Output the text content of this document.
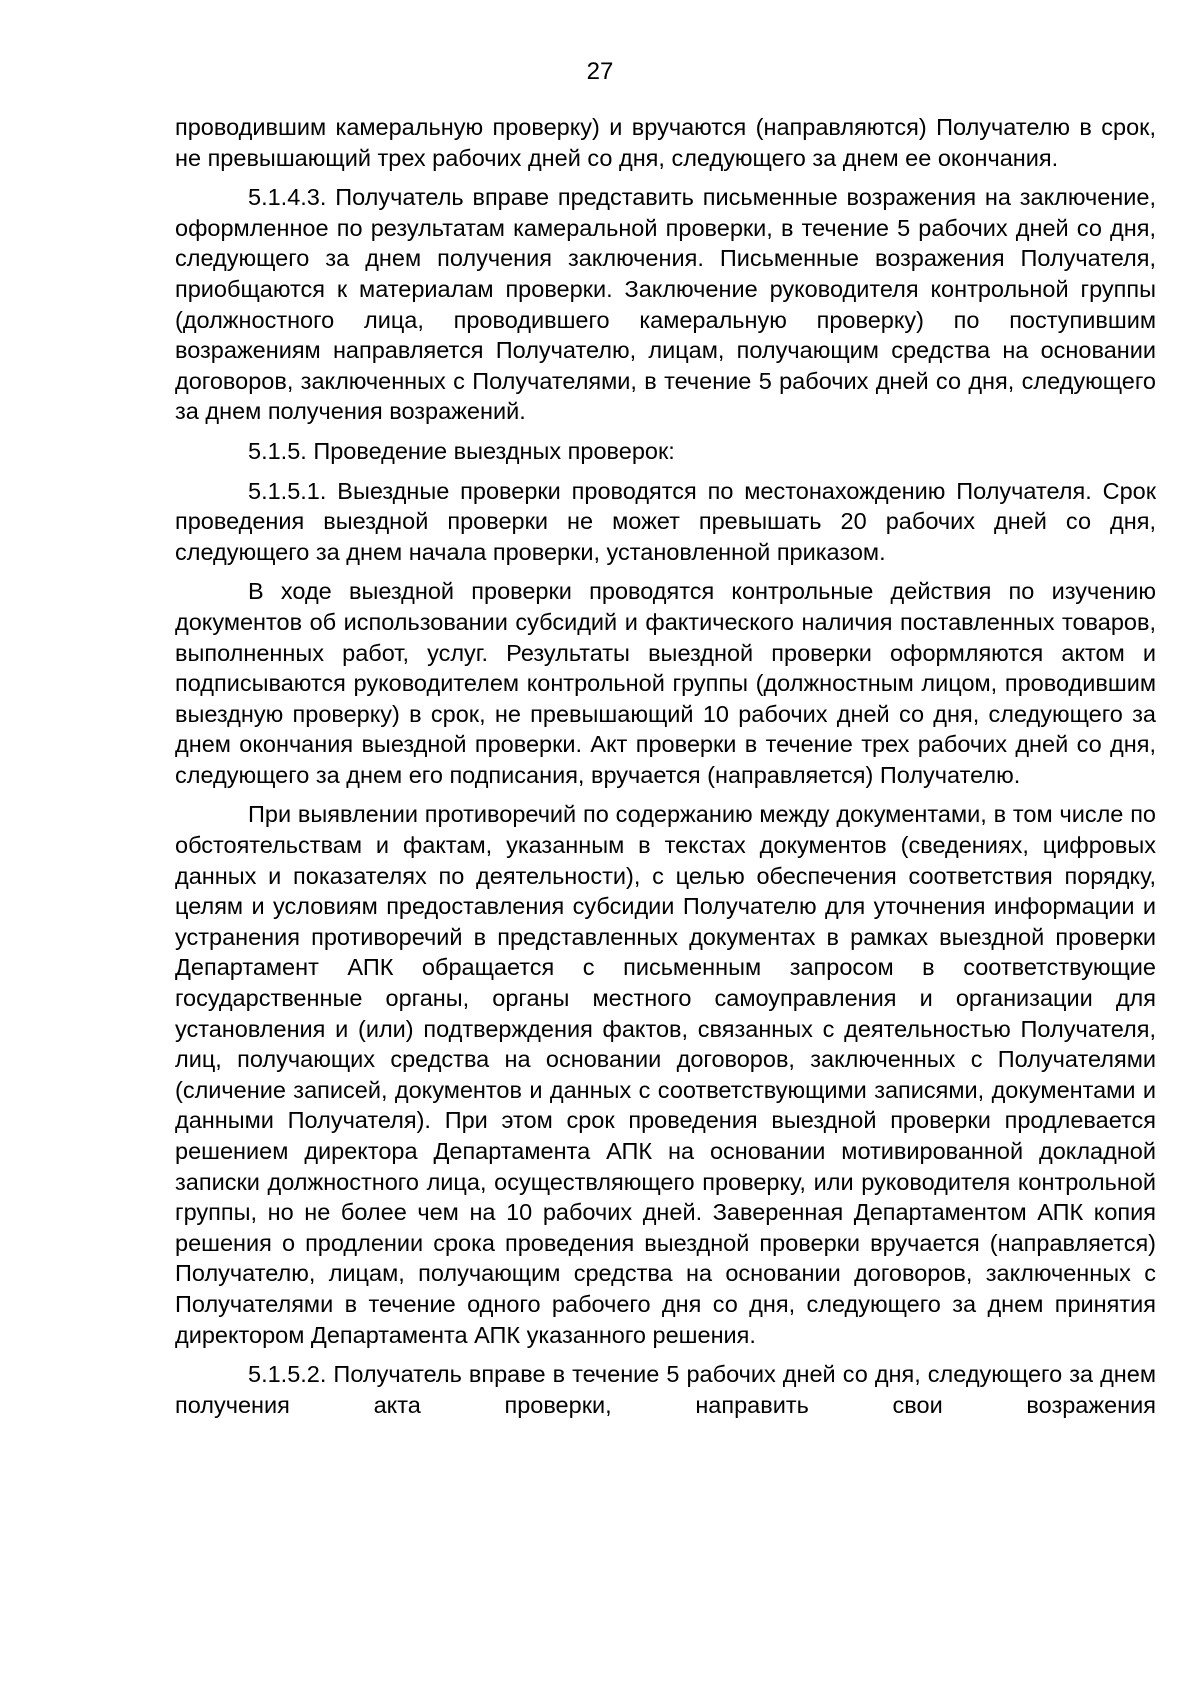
27

проводившим камеральную проверку) и вручаются (направляются) Получателю в срок, не превышающий трех рабочих дней со дня, следующего за днем ее окончания.

5.1.4.3. Получатель вправе представить письменные возражения на заключение, оформленное по результатам камеральной проверки, в течение 5 рабочих дней со дня, следующего за днем получения заключения. Письменные возражения Получателя, приобщаются к материалам проверки. Заключение руководителя контрольной группы (должностного лица, проводившего камеральную проверку) по поступившим возражениям направляется Получателю, лицам, получающим средства на основании договоров, заключенных с Получателями, в течение 5 рабочих дней со дня, следующего за днем получения возражений.

5.1.5. Проведение выездных проверок:

5.1.5.1. Выездные проверки проводятся по местонахождению Получателя. Срок проведения выездной проверки не может превышать 20 рабочих дней со дня, следующего за днем начала проверки, установленной приказом.

В ходе выездной проверки проводятся контрольные действия по изучению документов об использовании субсидий и фактического наличия поставленных товаров, выполненных работ, услуг. Результаты выездной проверки оформляются актом и подписываются руководителем контрольной группы (должностным лицом, проводившим выездную проверку) в срок, не превышающий 10 рабочих дней со дня, следующего за днем окончания выездной проверки. Акт проверки в течение трех рабочих дней со дня, следующего за днем его подписания, вручается (направляется) Получателю.

При выявлении противоречий по содержанию между документами, в том числе по обстоятельствам и фактам, указанным в текстах документов (сведениях, цифровых данных и показателях по деятельности), с целью обеспечения соответствия порядку, целям и условиям предоставления субсидии Получателю для уточнения информации и устранения противоречий в представленных документах в рамках выездной проверки Департамент АПК обращается с письменным запросом в соответствующие государственные органы, органы местного самоуправления и организации для установления и (или) подтверждения фактов, связанных с деятельностью Получателя, лиц, получающих средства на основании договоров, заключенных с Получателями (сличение записей, документов и данных с соответствующими записями, документами и данными Получателя). При этом срок проведения выездной проверки продлевается решением директора Департамента АПК на основании мотивированной докладной записки должностного лица, осуществляющего проверку, или руководителя контрольной группы, но не более чем на 10 рабочих дней. Заверенная Департаментом АПК копия решения о продлении срока проведения выездной проверки вручается (направляется) Получателю, лицам, получающим средства на основании договоров, заключенных с Получателями в течение одного рабочего дня со дня, следующего за днем принятия директором Департамента АПК указанного решения.

5.1.5.2. Получатель вправе в течение 5 рабочих дней со дня, следующего за днем получения акта проверки, направить свои возражения
